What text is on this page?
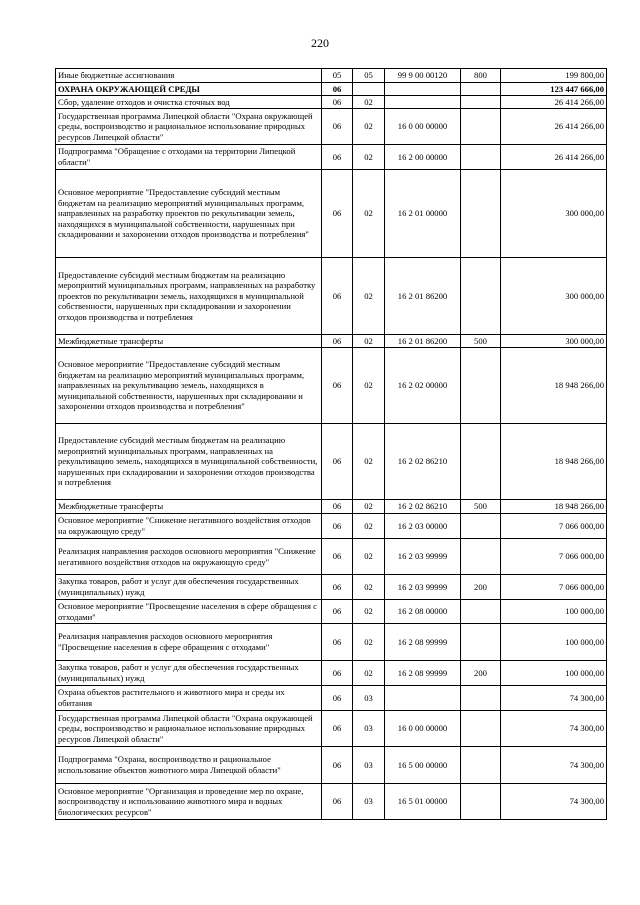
220
Иные бюджетные ассигнования	05	05	99 9 00 00120	800	199 800,00
ОХРАНА ОКРУЖАЮЩЕЙ СРЕДЫ	06				123 447 666,00
Сбор, удаление отходов и очистка сточных вод	06	02			26 414 266,00
Государственная программа Липецкой области "Охрана окружающей среды, воспроизводство и рациональное использование природных ресурсов Липецкой области"	06	02	16 0 00 00000		26 414 266,00
Подпрограмма "Обращение с отходами на территории Липецкой области"	06	02	16 2 00 00000		26 414 266,00
Основное мероприятие "Предоставление субсидий местным бюджетам на реализацию мероприятий муниципальных программ, направленных на разработку проектов по рекультивации земель, находящихся в муниципальной собственности, нарушенных при складировании и захоронении отходов производства и потребления"	06	02	16 2 01 00000		300 000,00
Предоставление субсидий местным бюджетам на реализацию мероприятий муниципальных программ, направленных на разработку проектов по рекультивации земель, находящихся в муниципальной собственности, нарушенных при складировании и захоронении отходов производства и потребления	06	02	16 2 01 86200		300 000,00
Межбюджетные трансферты	06	02	16 2 01 86200	500	300 000,00
Основное мероприятие "Предоставление субсидий местным бюджетам на реализацию мероприятий муниципальных программ, направленных на рекультивацию земель, находящихся в муниципальной собственности, нарушенных при складировании и захоронении отходов производства и потребления"	06	02	16 2 02 00000		18 948 266,00
Предоставление субсидий местным бюджетам на реализацию мероприятий муниципальных программ, направленных на рекультивацию земель, находящихся в муниципальной собственности, нарушенных при складировании и захоронении отходов производства и потребления	06	02	16 2 02 86210		18 948 266,00
Межбюджетные трансферты	06	02	16 2 02 86210	500	18 948 266,00
Основное мероприятие "Снижение негативного воздействия отходов на окружающую среду"	06	02	16 2 03 00000		7 066 000,00
Реализация направления расходов основного мероприятия "Снижение негативного воздействия отходов на окружающую среду"	06	02	16 2 03 99999		7 066 000,00
Закупка товаров, работ и услуг для обеспечения государственных (муниципальных) нужд	06	02	16 2 03 99999	200	7 066 000,00
Основное мероприятие "Просвещение населения в сфере обращения с отходами"	06	02	16 2 08 00000		100 000,00
Реализация направления расходов основного мероприятия "Просвещение населения в сфере обращения с отходами"	06	02	16 2 08 99999		100 000,00
Закупка товаров, работ и услуг для обеспечения государственных (муниципальных) нужд	06	02	16 2 08 99999	200	100 000,00
Охрана объектов растительного и животного мира и среды их обитания	06	03			74 300,00
Государственная программа Липецкой области "Охрана окружающей среды, воспроизводство и рациональное использование природных ресурсов Липецкой области"	06	03	16 0 00 00000		74 300,00
Подпрограмма "Охрана, воспроизводство и рациональное использование объектов животного мира Липецкой области"	06	03	16 5 00 00000		74 300,00
Основное мероприятие "Организация и проведение мер по охране, воспроизводству и использованию животного мира и водных биологических ресурсов"	06	03	16 5 01 00000		74 300,00
